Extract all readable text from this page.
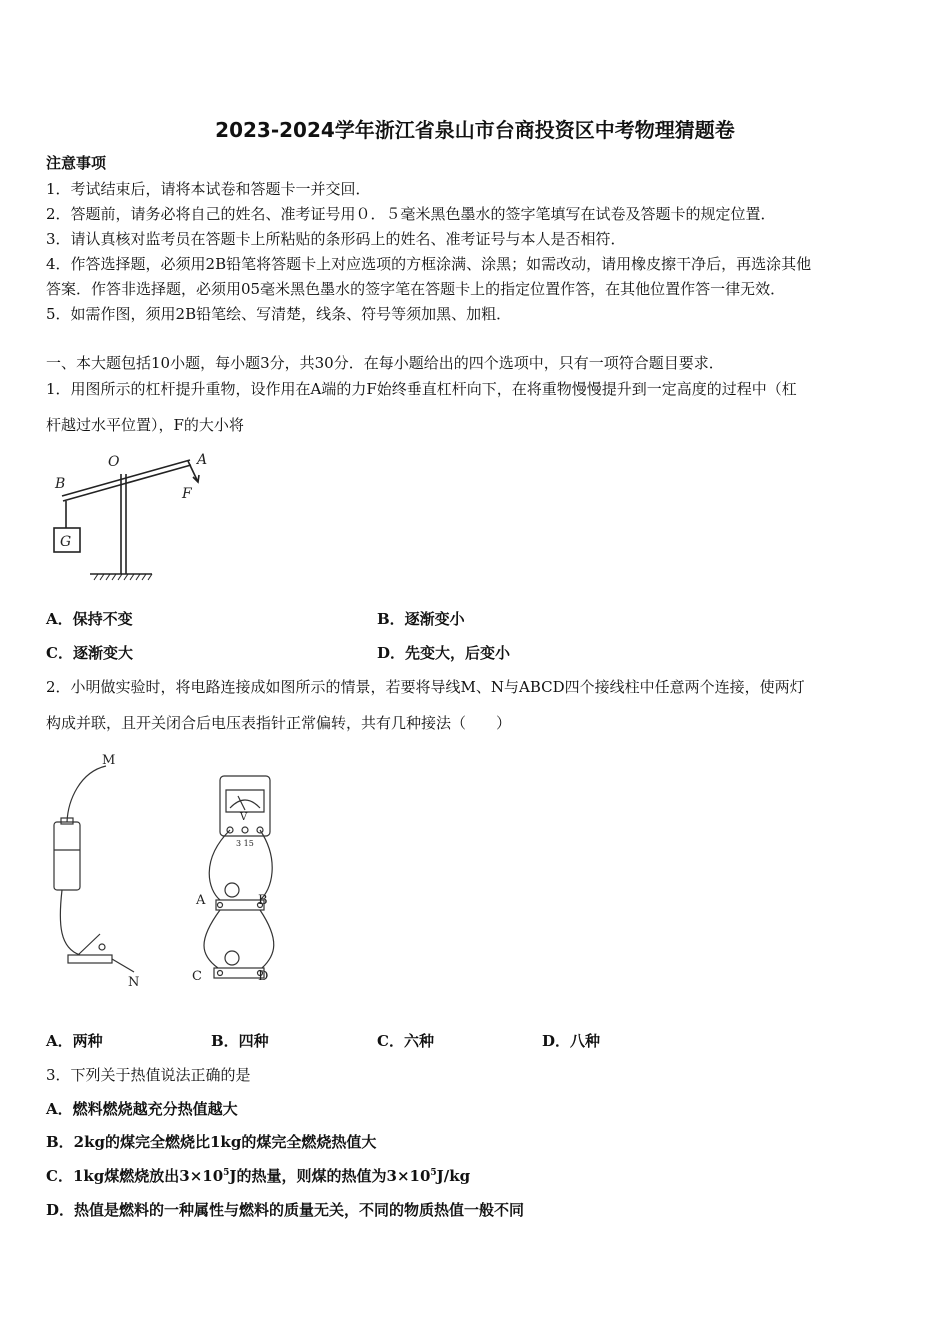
2023-2024学年浙江省泉山市台商投资区中考物理猜题卷
注意事项
1．考试结束后，请将本试卷和答题卡一并交回．
2．答题前，请务必将自己的姓名、准考证号用０．５毫米黑色墨水的签字笔填写在试卷及答题卡的规定位置．
3．请认真核对监考员在答题卡上所粘贴的条形码上的姓名、准考证号与本人是否相符．
4．作答选择题，必须用2B铅笔将答题卡上对应选项的方框涂满、涂黑；如需改动，请用橡皮擦干净后，再选涂其他
答案．作答非选择题，必须用05毫米黑色墨水的签字笔在答题卡上的指定位置作答，在其他位置作答一律无效．
5．如需作图，须用2B铅笔绘、写清楚，线条、符号等须加黑、加粗．
一、本大题包括10小题，每小题3分，共30分．在每小题给出的四个选项中，只有一项符合题目要求．
1．用图所示的杠杆提升重物，设作用在A端的力F始终垂直杠杆向下，在将重物慢慢提升到一定高度的过程中（杠
杆越过水平位置），F的大小将
B
O	A
F
G
A．保持不变	B．逐渐变小
C．逐渐变大	D．先变大，后变小
2．小明做实验时，将电路连接成如图所示的情景，若要将导线M、N与ABCD四个接线柱中任意两个连接，使两灯
构成并联，且开关闭合后电压表指针正常偏转，共有几种接法（　　）
M
N
A	B
C	D
V
3 15
A．两种	B．四种	C．六种	D．八种
3．下列关于热值说法正确的是
A．燃料燃烧越充分热值越大
B．2kg的煤完全燃烧比1kg的煤完全燃烧热值大
C．1kg煤燃烧放出$3\times 10^5J$的热量，则煤的热值为$3\times 10^5J/kg$
D．热值是燃料的一种属性与燃料的质量无关，不同的物质热值一般不同
